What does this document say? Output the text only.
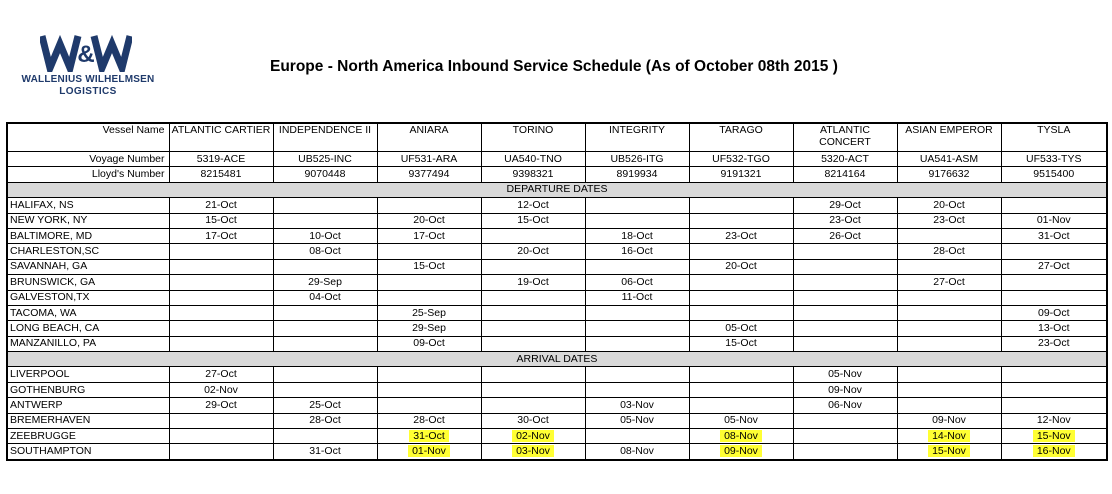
&
WALLENIUS WILHELMSEN
LOGISTICS
Europe - North America Inbound Service Schedule (As of October 08th 2015 )
Vessel Name	ATLANTIC CARTIER	INDEPENDENCE II	ANIARA	TORINO	INTEGRITY	TARAGO	ATLANTIC CONCERT	ASIAN EMPEROR	TYSLA
Voyage Number	5319-ACE	UB525-INC	UF531-ARA	UA540-TNO	UB526-ITG	UF532-TGO	5320-ACT	UA541-ASM	UF533-TYS
Lloyd's Number	8215481	9070448	9377494	9398321	8919934	9191321	8214164	9176632	9515400
DEPARTURE DATES									
HALIFAX, NS	21-Oct			12-Oct			29-Oct	20-Oct	
NEW YORK, NY	15-Oct		20-Oct	15-Oct			23-Oct	23-Oct	01-Nov
BALTIMORE, MD	17-Oct	10-Oct	17-Oct		18-Oct	23-Oct	26-Oct		31-Oct
CHARLESTON,SC		08-Oct		20-Oct	16-Oct			28-Oct	
SAVANNAH, GA			15-Oct			20-Oct			27-Oct
BRUNSWICK, GA		29-Sep		19-Oct	06-Oct			27-Oct	
GALVESTON,TX		04-Oct			11-Oct				
TACOMA, WA			25-Sep						09-Oct
LONG BEACH, CA			29-Sep			05-Oct			13-Oct
MANZANILLO, PA			09-Oct			15-Oct			23-Oct
ARRIVAL DATES									
LIVERPOOL	27-Oct						05-Nov		
GOTHENBURG	02-Nov						09-Nov		
ANTWERP	29-Oct	25-Oct			03-Nov		06-Nov		
BREMERHAVEN		28-Oct	28-Oct	30-Oct	05-Nov	05-Nov		09-Nov	12-Nov
ZEEBRUGGE			31-Oct	02-Nov		08-Nov		14-Nov	15-Nov
SOUTHAMPTON		31-Oct	01-Nov	03-Nov	08-Nov	09-Nov		15-Nov	16-Nov
